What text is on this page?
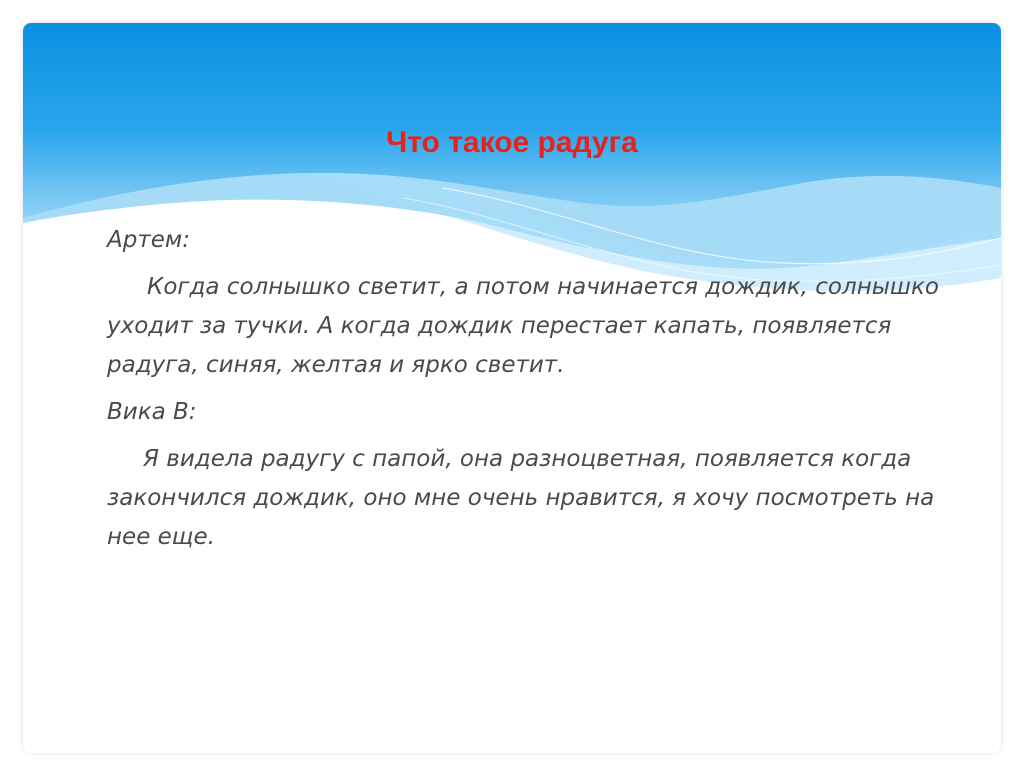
Что такое радуга

Артем:

Когда солнышко светит, а потом начинается дождик, солнышко уходит за тучки. А когда дождик перестает капать, появляется радуга, синяя, желтая и ярко светит.

Вика В:

Я видела радугу с папой, она разноцветная, появляется когда закончился дождик, оно мне очень нравится, я хочу посмотреть на нее еще.
